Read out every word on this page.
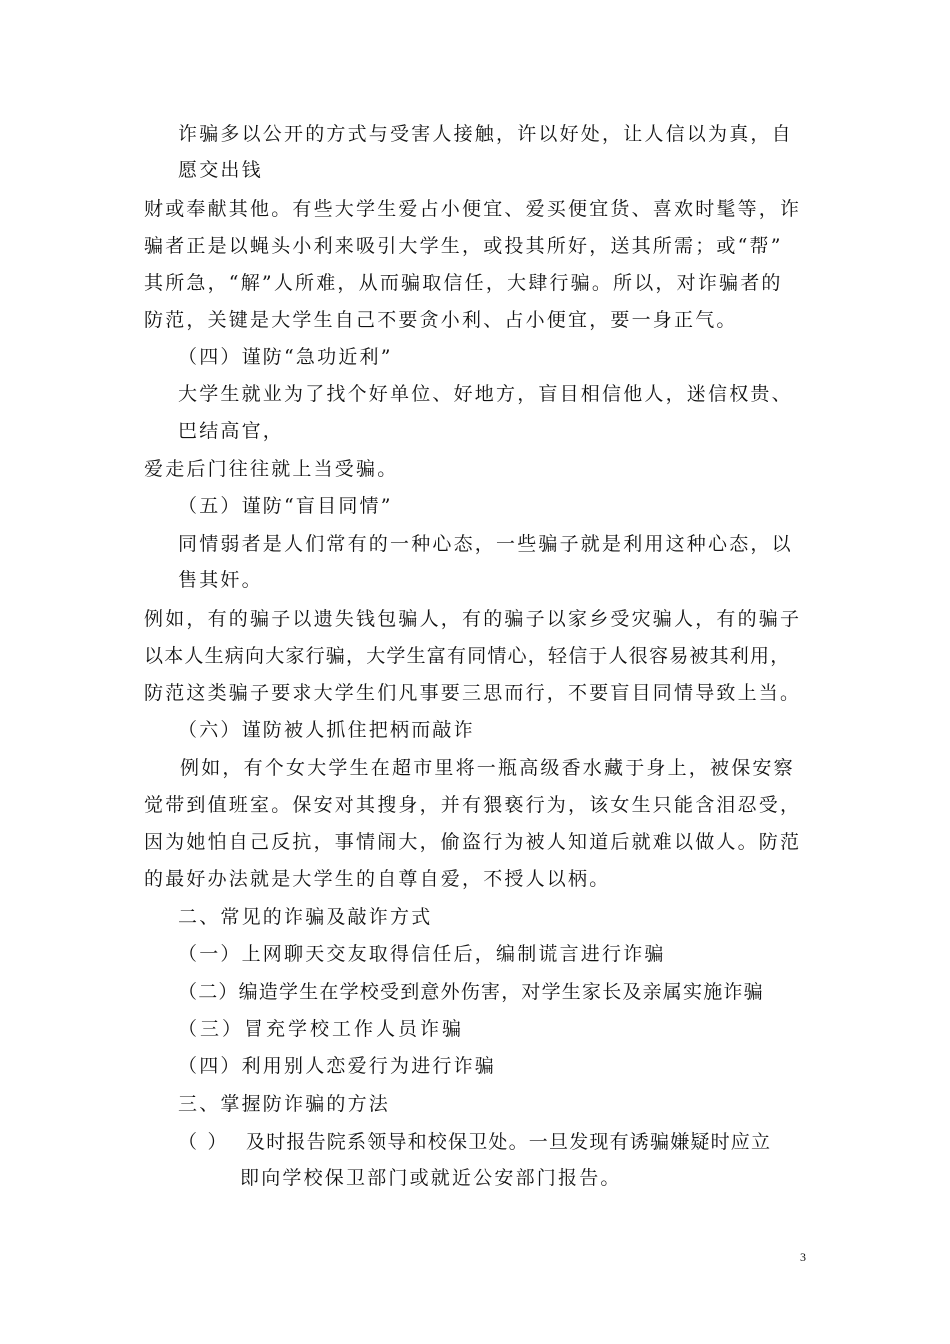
诈骗多以公开的方式与受害人接触，许以好处，让人信以为真，自
愿交出钱
财或奉献其他。有些大学生爱占小便宜、爱买便宜货、喜欢时髦等，诈
骗者正是以蝇头小利来吸引大学生，或投其所好，送其所需；或“帮”
其所急，“解”人所难，从而骗取信任，大肆行骗。所以，对诈骗者的
防范，关键是大学生自己不要贪小利、占小便宜，要一身正气。
（四）谨防“急功近利”
大学生就业为了找个好单位、好地方，盲目相信他人，迷信权贵、
巴结高官，
爱走后门往往就上当受骗。
（五）谨防“盲目同情”
同情弱者是人们常有的一种心态，一些骗子就是利用这种心态，以
售其奸。
例如，有的骗子以遗失钱包骗人，有的骗子以家乡受灾骗人，有的骗子
以本人生病向大家行骗，大学生富有同情心，轻信于人很容易被其利用，
防范这类骗子要求大学生们凡事要三思而行，不要盲目同情导致上当。
（六）谨防被人抓住把柄而敲诈
例如，有个女大学生在超市里将一瓶高级香水藏于身上，被保安察
觉带到值班室。保安对其搜身，并有猥亵行为，该女生只能含泪忍受，
因为她怕自己反抗，事情闹大，偷盗行为被人知道后就难以做人。防范
的最好办法就是大学生的自尊自爱，不授人以柄。
二、常见的诈骗及敲诈方式
（一）上网聊天交友取得信任后，编制谎言进行诈骗
（二）编造学生在学校受到意外伤害，对学生家长及亲属实施诈骗
（三）冒充学校工作人员诈骗
（四）利用别人恋爱行为进行诈骗
三、掌握防诈骗的方法
（ ） 及时报告院系领导和校保卫处。一旦发现有诱骗嫌疑时应立
即向学校保卫部门或就近公安部门报告。
3
